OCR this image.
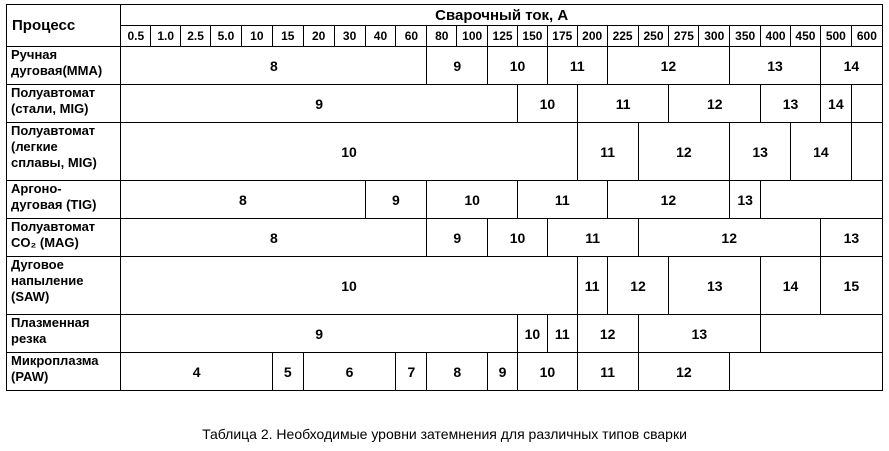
Процесс	Сварочный ток, А																								
	0.5	1.0	2.5	5.0	10	15	20	30	40	60	80	100	125	150	175	200	225	250	275	300	350	400	450	500	600

Ручная
дуговая(MMA)	8										9		10		11		12				13			14	

Полуавтомат
(стали, MIG)	9													10		11			12			13		14	

Полуавтомат
(легкие
сплавы, MIG)	10															11		12			13		14		

Аргоно-
дуговая (TIG)	8								9		10			11			12				13				

Полуавтомат
CO₂ (MAG)	8										9		10		11			12						13	

Дуговое
напыление
(SAW)	10															11	12		13			14		15	

Плазменная
резка	9													10	11	12		13							

Микроплазма
(PAW)	4					5	6			7	8		9	10		11		12							
Таблица 2. Необходимые уровни затемнения для различных типов сварки
